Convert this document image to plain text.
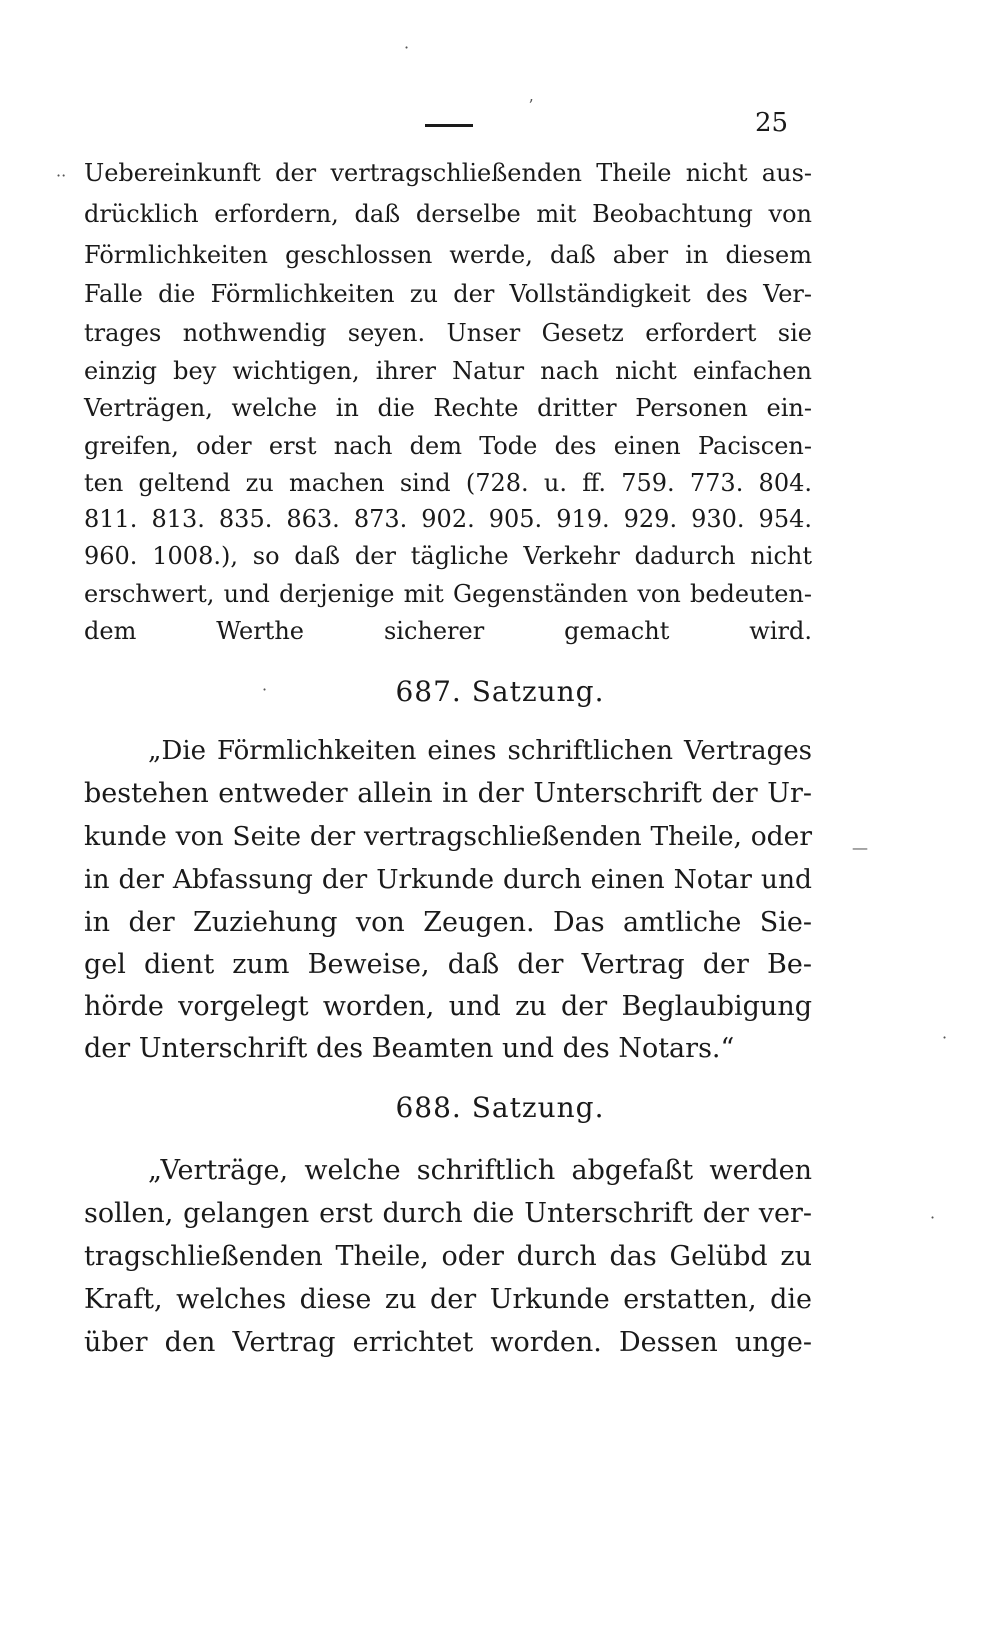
25
Uebereinkunft der vertragschließenden Theile nicht aus-
drücklich erfordern, daß derselbe mit Beobachtung von
Förmlichkeiten geschlossen werde, daß aber in diesem
Falle die Förmlichkeiten zu der Vollständigkeit des Ver-
trages nothwendig seyen. Unser Gesetz erfordert sie
einzig bey wichtigen, ihrer Natur nach nicht einfachen
Verträgen, welche in die Rechte dritter Personen ein-
greifen, oder erst nach dem Tode des einen Paciscen-
ten geltend zu machen sind (728. u. ff. 759. 773. 804.
811. 813. 835. 863. 873. 902. 905. 919. 929. 930. 954.
960. 1008.), so daß der tägliche Verkehr dadurch nicht
erschwert, und derjenige mit Gegenständen von bedeuten-
dem Werthe sicherer gemacht wird.
687. Satzung.
„Die Förmlichkeiten eines schriftlichen Vertrages
bestehen entweder allein in der Unterschrift der Ur-
kunde von Seite der vertragschließenden Theile, oder
in der Abfassung der Urkunde durch einen Notar und
in der Zuziehung von Zeugen. Das amtliche Sie-
gel dient zum Beweise, daß der Vertrag der Be-
hörde vorgelegt worden, und zu der Beglaubigung
der Unterschrift des Beamten und des Notars.“
688. Satzung.
„Verträge, welche schriftlich abgefaßt werden
sollen, gelangen erst durch die Unterschrift der ver-
tragschließenden Theile, oder durch das Gelübd zu
Kraft, welches diese zu der Urkunde erstatten, die
über den Vertrag errichtet worden. Dessen unge-
·
ʼ
··
·
—
·
·
